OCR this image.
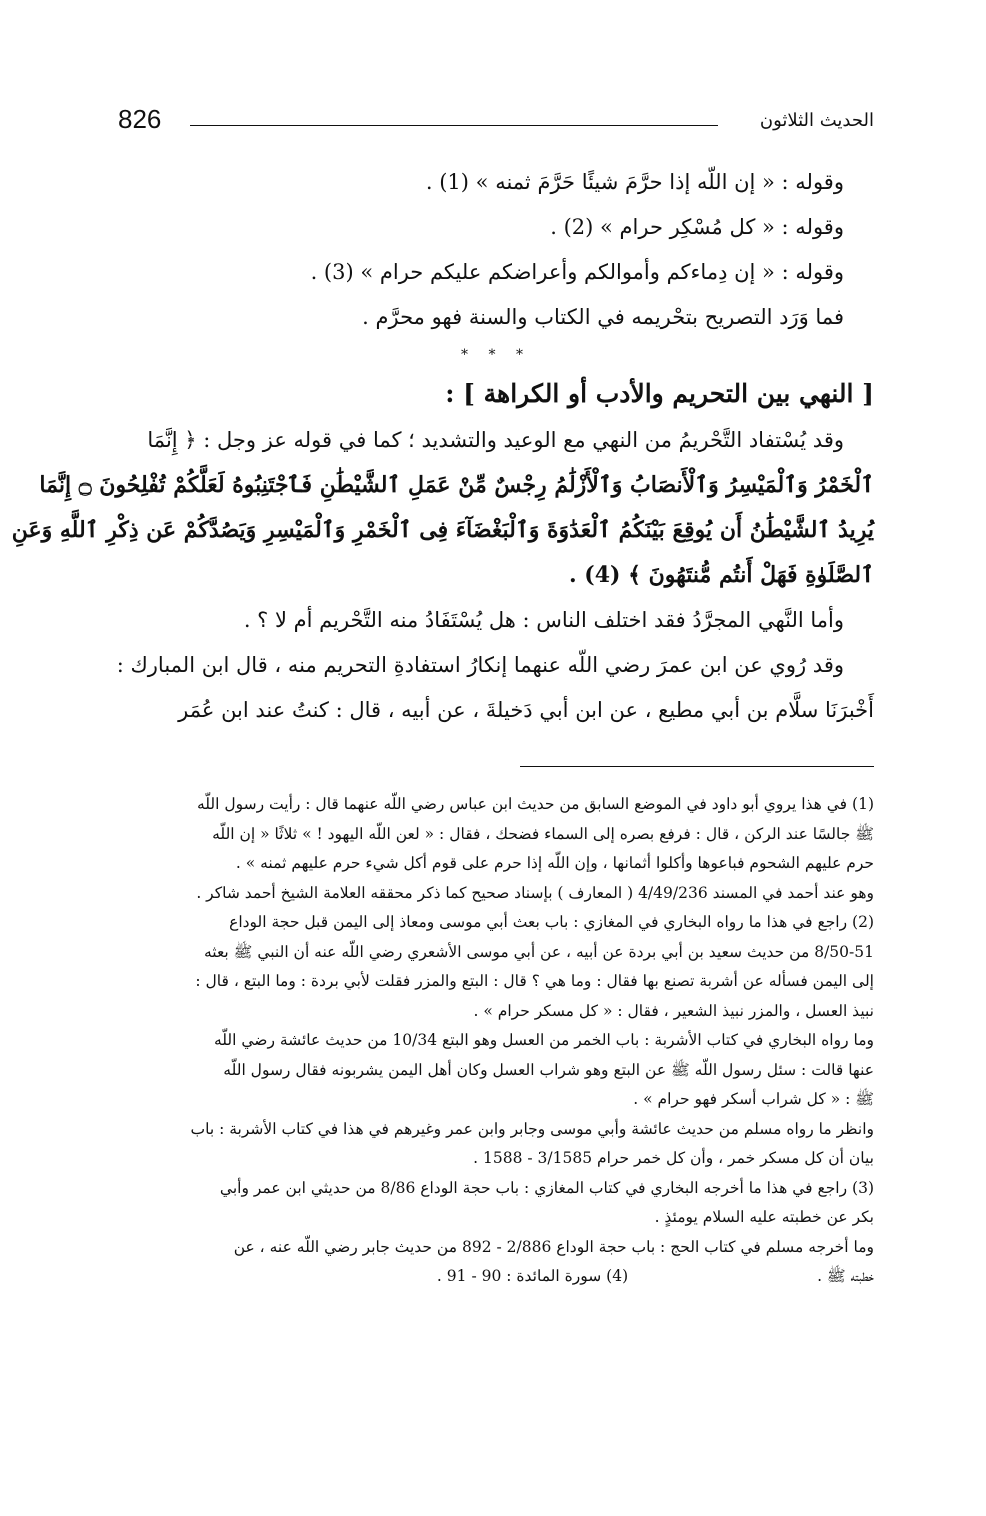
826	الحديث الثلاثون
وقوله : « إن اللّه إذا حرَّمَ شيئًا حَرَّمَ ثمنه » (1) .
وقوله : « كل مُسْكِر حرام » (2) .
وقوله : « إن دِماءكم وأموالكم وأعراضكم عليكم حرام » (3) .
فما وَرَد التصريح بتحْريمه في الكتاب والسنة فهو محرَّم .
* * *
[ النهي بين التحريم والأدب أو الكراهة ] :
وقد يُسْتفاد التَّحْريمُ من النهي مع الوعيد والتشديد ؛ كما في قوله عز وجل : ﴿ إِنَّمَا
ٱلْخَمْرُ وَٱلْمَيْسِرُ وَٱلْأَنصَابُ وَٱلْأَزْلَٰمُ رِجْسٌ مِّنْ عَمَلِ ٱلشَّيْطَٰنِ فَٱجْتَنِبُوهُ لَعَلَّكُمْ تُفْلِحُونَ ۝ إِنَّمَا
يُرِيدُ ٱلشَّيْطَٰنُ أَن يُوقِعَ بَيْنَكُمُ ٱلْعَدَٰوَةَ وَٱلْبَغْضَآءَ فِى ٱلْخَمْرِ وَٱلْمَيْسِرِ وَيَصُدَّكُمْ عَن ذِكْرِ ٱللَّهِ وَعَنِ
ٱلصَّلَوٰةِ فَهَلْ أَنتُم مُّنتَهُونَ ﴾ (4) .
وأما النَّهي المجرَّدُ فقد اختلف الناس : هل يُسْتَفَادُ منه التَّحْريم أم لا ؟ .
وقد رُوي عن ابن عمرَ رضي اللّه عنهما إنكارُ استفادةِ التحريم منه ، قال ابن المبارك :
أَخْبرَنَا سلَّام بن أبي مطيع ، عن ابن أبي دَخيلةَ ، عن أبيه ، قال : كنتُ عند ابن عُمَر
(1) في هذا يروي أبو داود في الموضع السابق من حديث ابن عباس رضي اللّه عنهما قال : رأيت رسول اللّه
ﷺ جالسًا عند الركن ، قال : فرفع بصره إلى السماء فضحك ، فقال : « لعن اللّه اليهود ! » ثلاثًا « إن اللّه
حرم عليهم الشحوم فباعوها وأكلوا أثمانها ، وإن اللّه إذا حرم على قوم أكل شيء حرم عليهم ثمنه » .
وهو عند أحمد في المسند 4/49/236 ( المعارف ) بإسناد صحيح كما ذكر محققه العلامة الشيخ أحمد شاكر .
(2) راجع في هذا ما رواه البخاري في المغازي : باب بعث أبي موسى ومعاذ إلى اليمن قبل حجة الوداع
8/50-51 من حديث سعيد بن أبي بردة عن أبيه ، عن أبي موسى الأشعري رضي اللّه عنه أن النبي ﷺ بعثه
إلى اليمن فسأله عن أشربة تصنع بها فقال : وما هي ؟ قال : البتع والمزر فقلت لأبي بردة : وما البتع ، قال :
نبيذ العسل ، والمزر نبيذ الشعير ، فقال : « كل مسكر حرام » .
وما رواه البخاري في كتاب الأشربة : باب الخمر من العسل وهو البتع 10/34 من حديث عائشة رضي اللّه
عنها قالت : سئل رسول اللّه ﷺ عن البتع وهو شراب العسل وكان أهل اليمن يشربونه فقال رسول اللّه
ﷺ : « كل شراب أسكر فهو حرام » .
وانظر ما رواه مسلم من حديث عائشة وأبي موسى وجابر وابن عمر وغيرهم في هذا في كتاب الأشربة : باب
بيان أن كل مسكر خمر ، وأن كل خمر حرام 3/1585 - 1588 .
(3) راجع في هذا ما أخرجه البخاري في كتاب المغازي : باب حجة الوداع 8/86 من حديثي ابن عمر وأبي
بكر عن خطبته عليه السلام يومئذٍ .
وما أخرجه مسلم في كتاب الحج : باب حجة الوداع 2/886 - 892 من حديث جابر رضي اللّه عنه ، عن
خطبته ﷺ .
(4) سورة المائدة : 90 - 91 .
